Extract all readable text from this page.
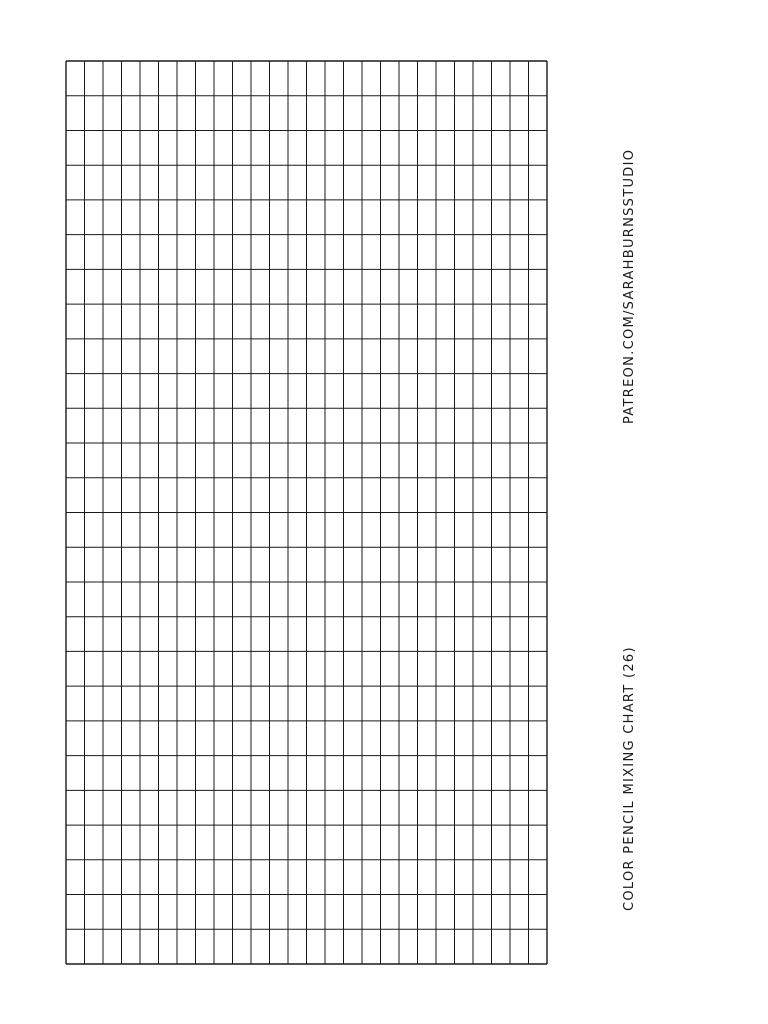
COLOR PENCIL MIXING CHART (26)
PATREON.COM/SARAHBURNSSTUDIO
